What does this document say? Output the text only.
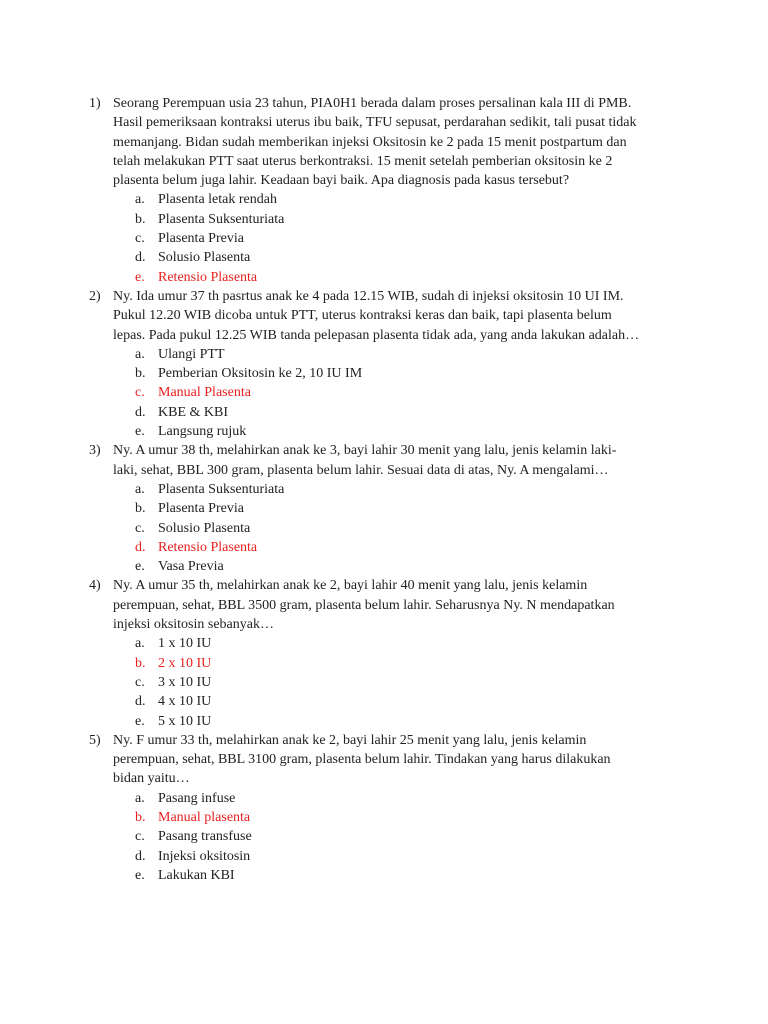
1) Seorang Perempuan usia 23 tahun, PIA0H1 berada dalam proses persalinan kala III di PMB.
Hasil pemeriksaan kontraksi uterus ibu baik, TFU sepusat, perdarahan sedikit, tali pusat tidak
memanjang. Bidan sudah memberikan injeksi Oksitosin ke 2 pada 15 menit postpartum dan
telah melakukan PTT saat uterus berkontraksi. 15 menit setelah pemberian oksitosin ke 2
plasenta belum juga lahir. Keadaan bayi baik. Apa diagnosis pada kasus tersebut?
a. Plasenta letak rendah
b. Plasenta Suksenturiata
c. Plasenta Previa
d. Solusio Plasenta
e. Retensio Plasenta
2) Ny. Ida umur 37 th pasrtus anak ke 4 pada 12.15 WIB, sudah di injeksi oksitosin 10 UI IM.
Pukul 12.20 WIB dicoba untuk PTT, uterus kontraksi keras dan baik, tapi plasenta belum
lepas. Pada pukul 12.25 WIB tanda pelepasan plasenta tidak ada, yang anda lakukan adalah…
a. Ulangi PTT
b. Pemberian Oksitosin ke 2, 10 IU IM
c. Manual Plasenta
d. KBE & KBI
e. Langsung rujuk
3) Ny. A umur 38 th, melahirkan anak ke 3, bayi lahir 30 menit yang lalu, jenis kelamin laki-
laki, sehat, BBL 300 gram, plasenta belum lahir. Sesuai data di atas, Ny. A mengalami…
a. Plasenta Suksenturiata
b. Plasenta Previa
c. Solusio Plasenta
d. Retensio Plasenta
e. Vasa Previa
4) Ny. A umur 35 th, melahirkan anak ke 2, bayi lahir 40 menit yang lalu, jenis kelamin
perempuan, sehat, BBL 3500 gram, plasenta belum lahir. Seharusnya Ny. N mendapatkan
injeksi oksitosin sebanyak…
a. 1 x 10 IU
b. 2 x 10 IU
c. 3 x 10 IU
d. 4 x 10 IU
e. 5 x 10 IU
5) Ny. F umur 33 th, melahirkan anak ke 2, bayi lahir 25 menit yang lalu, jenis kelamin
perempuan, sehat, BBL 3100 gram, plasenta belum lahir. Tindakan yang harus dilakukan
bidan yaitu…
a. Pasang infuse
b. Manual plasenta
c. Pasang transfuse
d. Injeksi oksitosin
e. Lakukan KBI
